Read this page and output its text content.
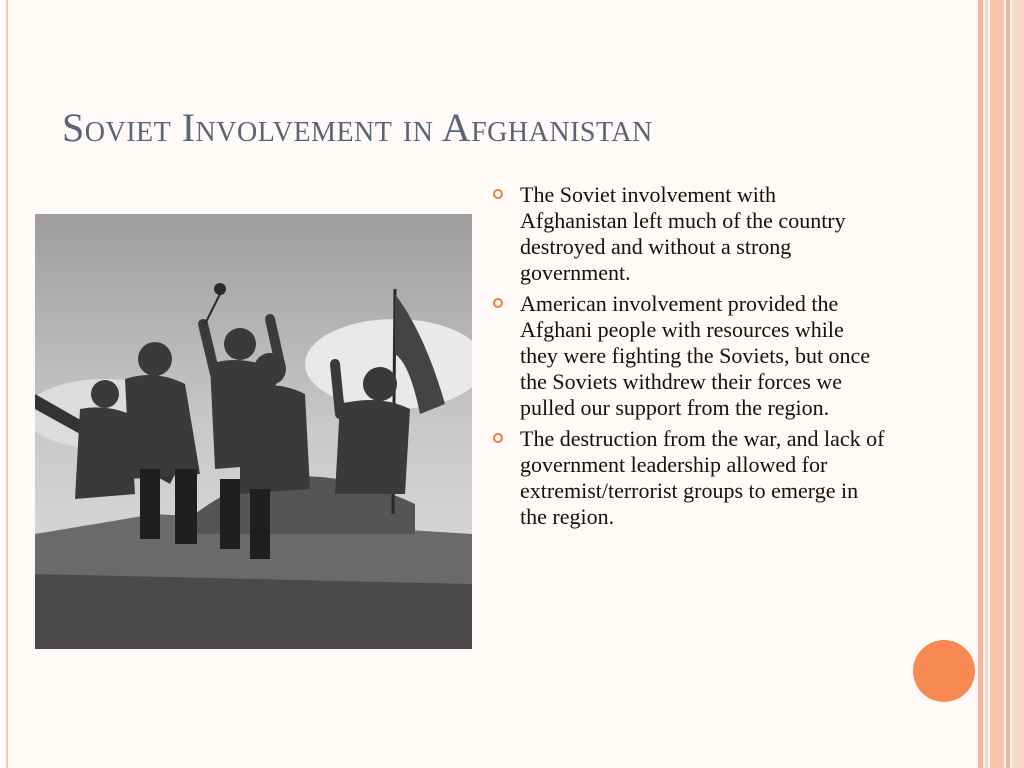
Soviet Involvement in Afghanistan
The Soviet involvement with Afghanistan left much of the country destroyed and without a strong government.
American involvement provided the Afghani people with resources while they were fighting the Soviets, but once the Soviets withdrew their forces we pulled our support from the region.
The destruction from the war, and lack of government leadership allowed for extremist/terrorist groups to emerge in the region.
